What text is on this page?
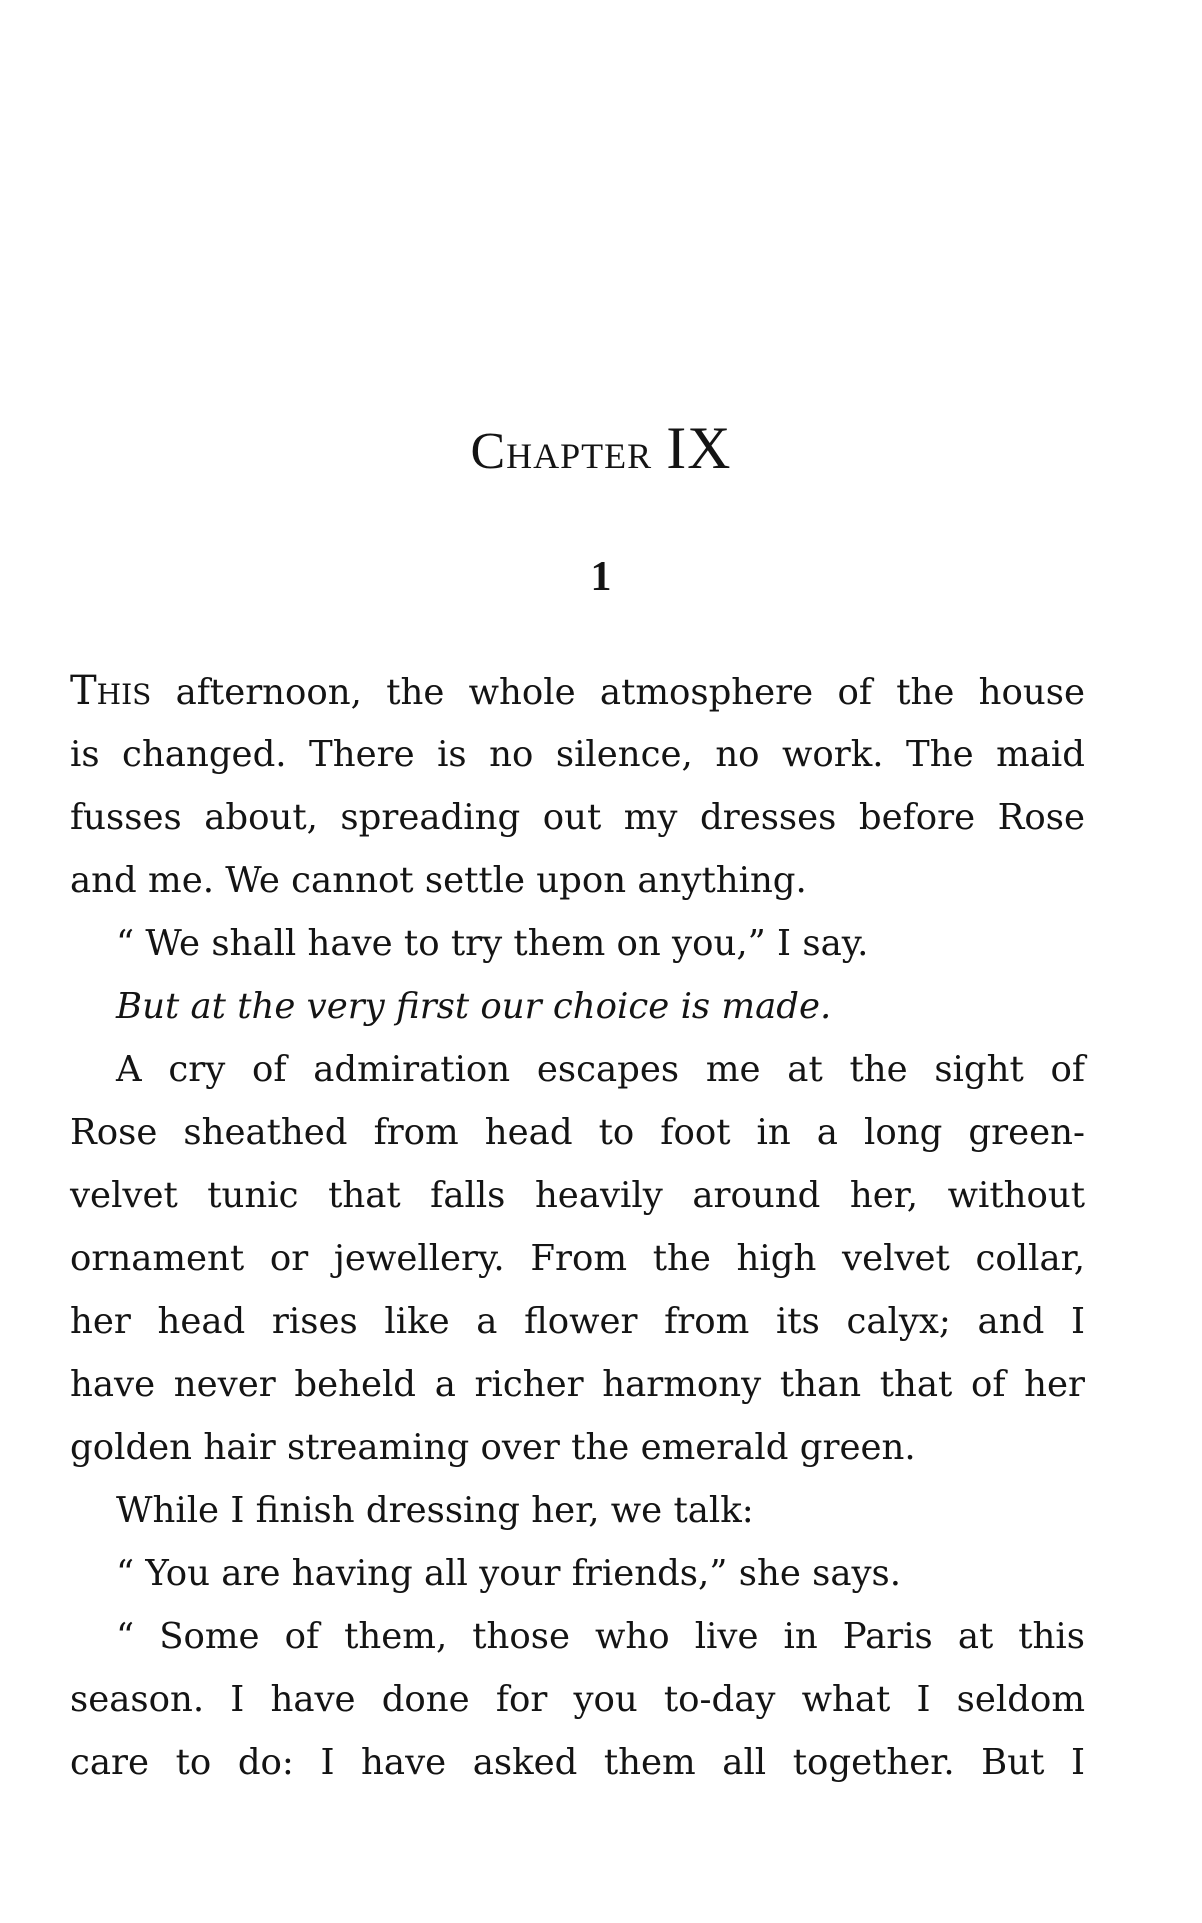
Chapter IX
1
This afternoon, the whole atmosphere of the house
is changed. There is no silence, no work. The maid
fusses about, spreading out my dresses before Rose
and me. We cannot settle upon anything.
“ We shall have to try them on you,” I say.
But at the very first our choice is made.
A cry of admiration escapes me at the sight of
Rose sheathed from head to foot in a long green-
velvet tunic that falls heavily around her, without
ornament or jewellery. From the high velvet collar,
her head rises like a flower from its calyx; and I
have never beheld a richer harmony than that of her
golden hair streaming over the emerald green.
While I finish dressing her, we talk:
“ You are having all your friends,” she says.
“ Some of them, those who live in Paris at this
season. I have done for you to-day what I seldom
care to do: I have asked them all together. But I
